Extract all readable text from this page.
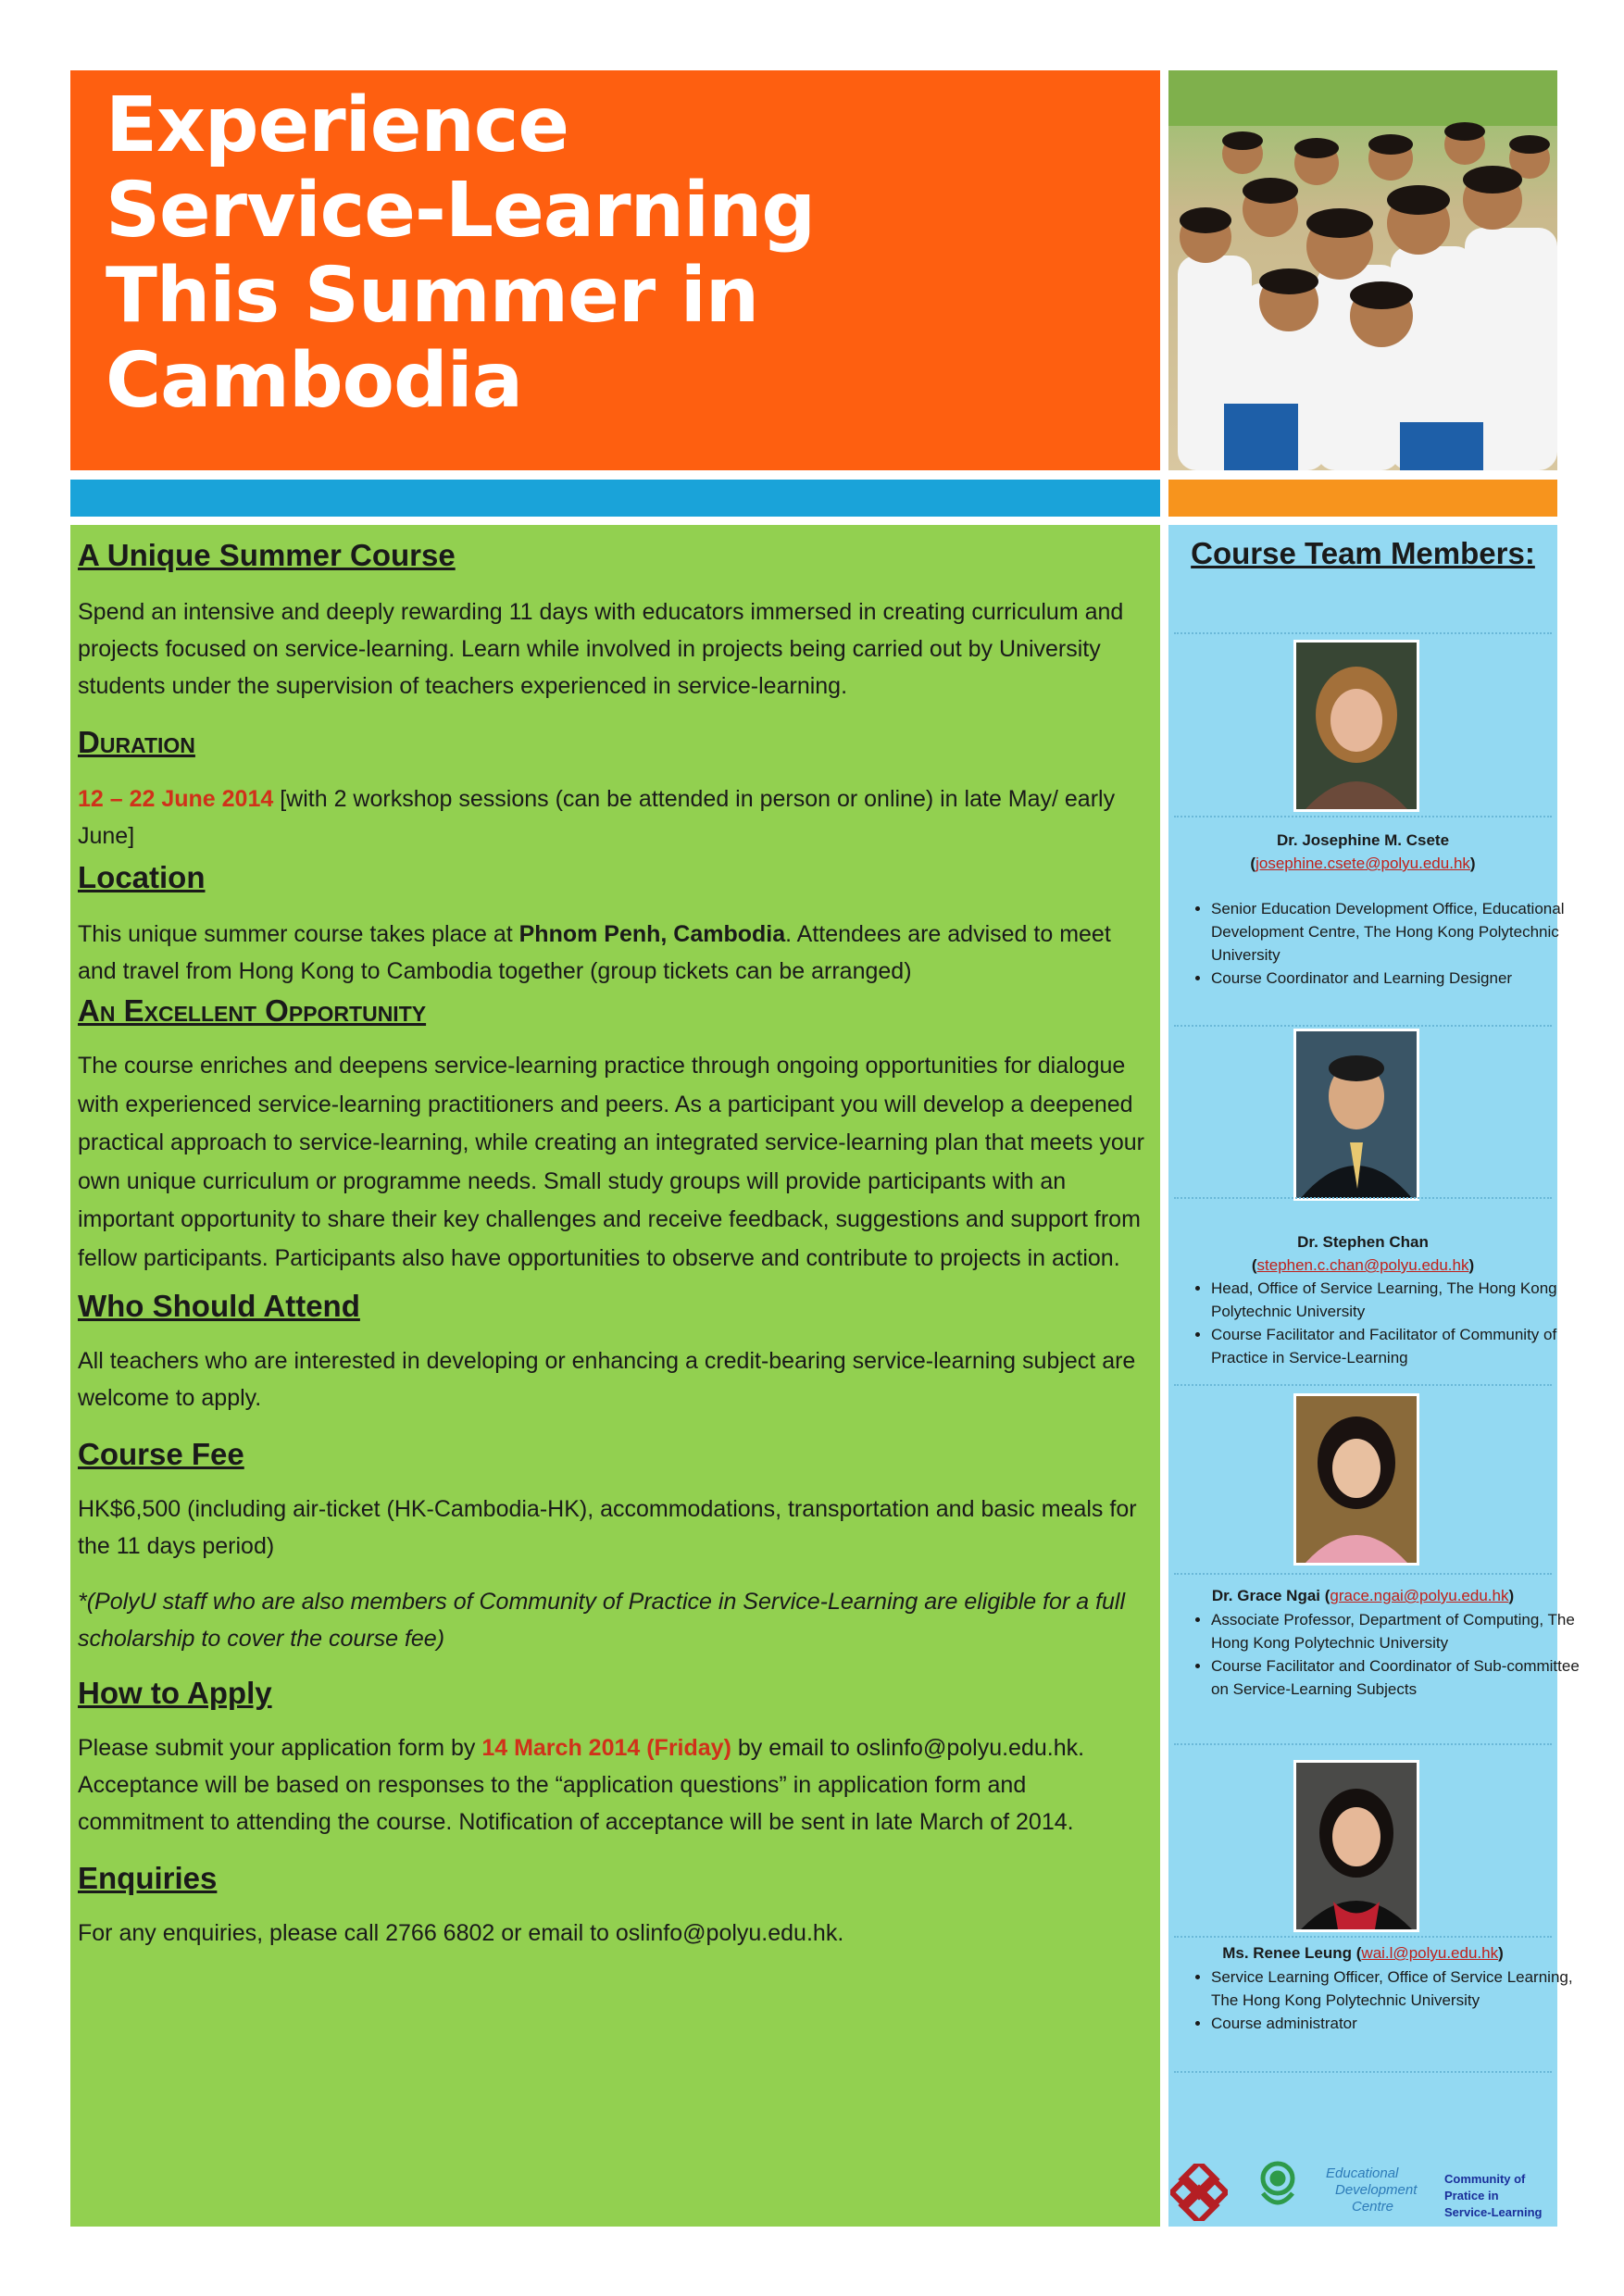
Experience
Service-Learning
This Summer in
Cambodia
A Unique Summer Course

Spend an intensive and deeply rewarding 11 days with educators immersed in creating curriculum and projects focused on service-learning. Learn while involved in projects being carried out by University students under the supervision of teachers experienced in service-learning.

Duration

12 – 22 June 2014 [with 2 workshop sessions (can be attended in person or online) in late May/ early June]

Location

This unique summer course takes place at Phnom Penh, Cambodia. Attendees are advised to meet and travel from Hong Kong to Cambodia together (group tickets can be arranged)

An Excellent Opportunity

The course enriches and deepens service-learning practice through ongoing opportunities for dialogue with experienced service-learning practitioners and peers. As a participant you will develop a deepened practical approach to service-learning, while creating an integrated service-learning plan that meets your own unique curriculum or programme needs. Small study groups will provide participants with an important opportunity to share their key challenges and receive feedback, suggestions and support from fellow participants. Participants also have opportunities to observe and contribute to projects in action.

Who Should Attend

All teachers who are interested in developing or enhancing a credit-bearing service-learning subject are welcome to apply.

Course Fee

HK$6,500 (including air-ticket (HK-Cambodia-HK), accommodations, transportation and basic meals for the 11 days period)

*(PolyU staff who are also members of Community of Practice in Service-Learning are eligible for a full scholarship to cover the course fee)

How to Apply

Please submit your application form by 14 March 2014 (Friday) by email to oslinfo@polyu.edu.hk. Acceptance will be based on responses to the “application questions” in application form and commitment to attending the course. Notification of acceptance will be sent in late March of 2014.

Enquiries

For any enquiries, please call 2766 6802 or email to oslinfo@polyu.edu.hk.

Course Team Members:
Dr. Josephine M. Csete
(josephine.csete@polyu.edu.hk)
• Senior Education Development Office, Educational Development Centre, The Hong Kong Polytechnic University
• Course Coordinator and Learning Designer
Dr. Stephen Chan
(stephen.c.chan@polyu.edu.hk)
• Head, Office of Service Learning, The Hong Kong Polytechnic University
• Course Facilitator and Facilitator of Community of Practice in Service-Learning
Dr. Grace Ngai (grace.ngai@polyu.edu.hk)
• Associate Professor, Department of Computing, The Hong Kong Polytechnic University
• Course Facilitator and Coordinator of Sub-committee on Service-Learning Subjects
Ms. Renee Leung (wai.l@polyu.edu.hk)
• Service Learning Officer, Office of Service Learning, The Hong Kong Polytechnic University
• Course administrator
Educational
Development
Centre
Community of
Pratice in
Service-Learning
